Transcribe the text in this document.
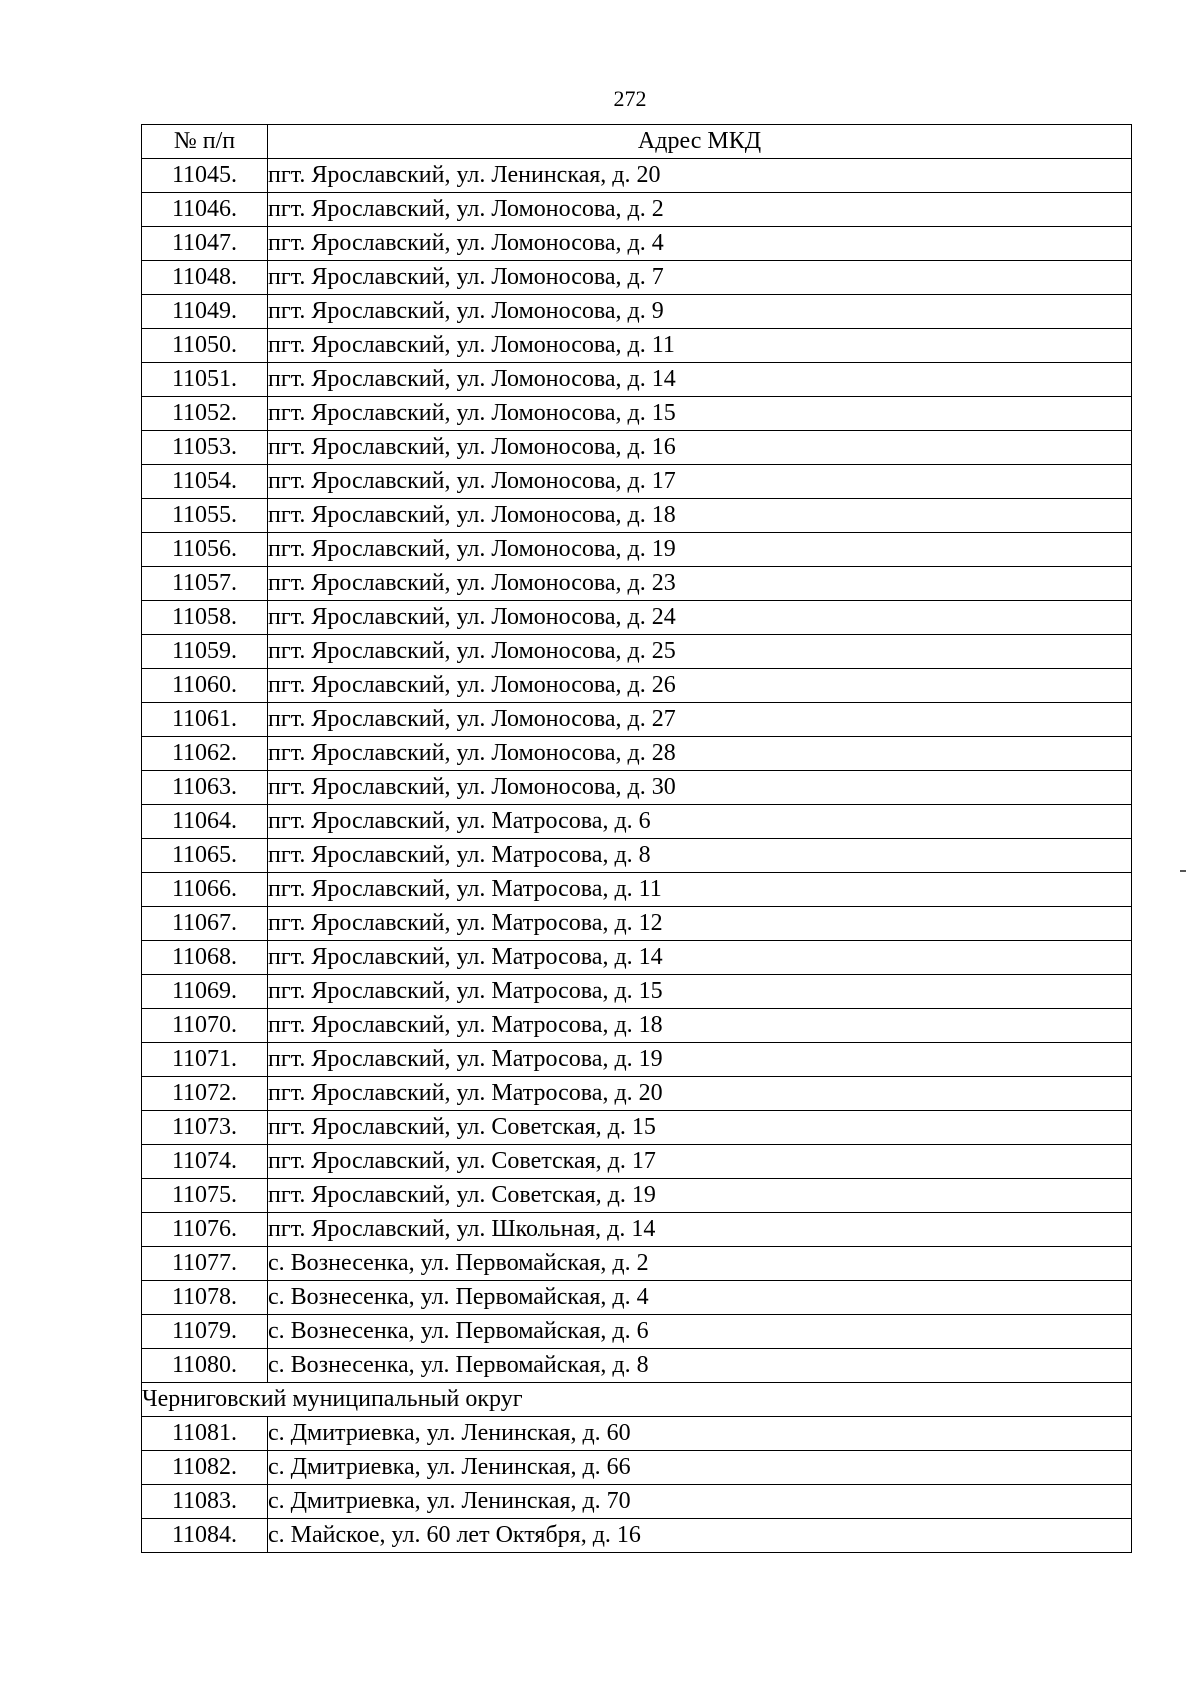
272
№ п/п	Адрес МКД
11045.	пгт. Ярославский, ул. Ленинская, д. 20
11046.	пгт. Ярославский, ул. Ломоносова, д. 2
11047.	пгт. Ярославский, ул. Ломоносова, д. 4
11048.	пгт. Ярославский, ул. Ломоносова, д. 7
11049.	пгт. Ярославский, ул. Ломоносова, д. 9
11050.	пгт. Ярославский, ул. Ломоносова, д. 11
11051.	пгт. Ярославский, ул. Ломоносова, д. 14
11052.	пгт. Ярославский, ул. Ломоносова, д. 15
11053.	пгт. Ярославский, ул. Ломоносова, д. 16
11054.	пгт. Ярославский, ул. Ломоносова, д. 17
11055.	пгт. Ярославский, ул. Ломоносова, д. 18
11056.	пгт. Ярославский, ул. Ломоносова, д. 19
11057.	пгт. Ярославский, ул. Ломоносова, д. 23
11058.	пгт. Ярославский, ул. Ломоносова, д. 24
11059.	пгт. Ярославский, ул. Ломоносова, д. 25
11060.	пгт. Ярославский, ул. Ломоносова, д. 26
11061.	пгт. Ярославский, ул. Ломоносова, д. 27
11062.	пгт. Ярославский, ул. Ломоносова, д. 28
11063.	пгт. Ярославский, ул. Ломоносова, д. 30
11064.	пгт. Ярославский, ул. Матросова, д. 6
11065.	пгт. Ярославский, ул. Матросова, д. 8
11066.	пгт. Ярославский, ул. Матросова, д. 11
11067.	пгт. Ярославский, ул. Матросова, д. 12
11068.	пгт. Ярославский, ул. Матросова, д. 14
11069.	пгт. Ярославский, ул. Матросова, д. 15
11070.	пгт. Ярославский, ул. Матросова, д. 18
11071.	пгт. Ярославский, ул. Матросова, д. 19
11072.	пгт. Ярославский, ул. Матросова, д. 20
11073.	пгт. Ярославский, ул. Советская, д. 15
11074.	пгт. Ярославский, ул. Советская, д. 17
11075.	пгт. Ярославский, ул. Советская, д. 19
11076.	пгт. Ярославский, ул. Школьная, д. 14
11077.	с. Вознесенка, ул. Первомайская, д. 2
11078.	с. Вознесенка, ул. Первомайская, д. 4
11079.	с. Вознесенка, ул. Первомайская, д. 6
11080.	с. Вознесенка, ул. Первомайская, д. 8
Черниговский муниципальный округ	
11081.	с. Дмитриевка, ул. Ленинская, д. 60
11082.	с. Дмитриевка, ул. Ленинская, д. 66
11083.	с. Дмитриевка, ул. Ленинская, д. 70
11084.	с. Майское, ул. 60 лет Октября, д. 16
